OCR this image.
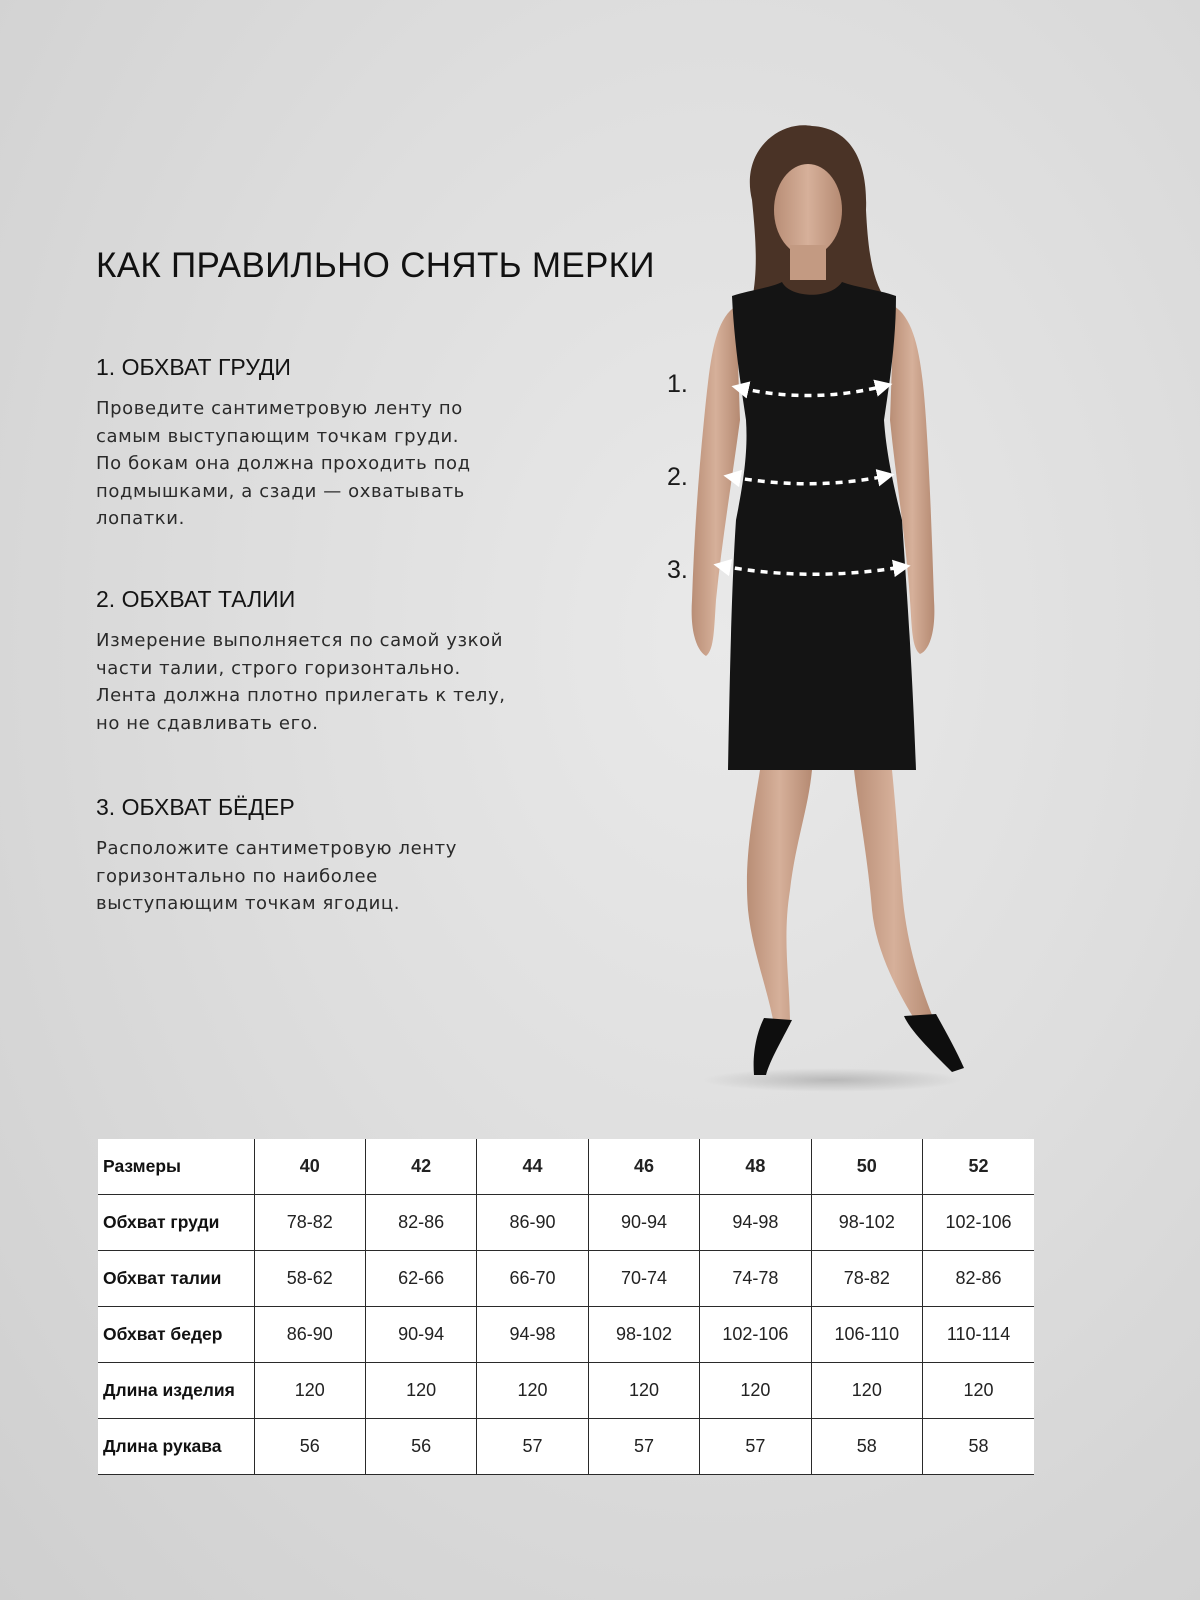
КАК ПРАВИЛЬНО СНЯТЬ МЕРКИ
1. ОБХВАТ ГРУДИ

Проведите сантиметровую ленту по
самым выступающим точкам груди.
По бокам она должна проходить под
подмышками, а сзади — охватывать
лопатки.

2. ОБХВАТ ТАЛИИ

Измерение выполняется по самой узкой
части талии, строго горизонтально.
Лента должна плотно прилегать к телу,
но не сдавливать его.

3. ОБХВАТ БЁДЕР

Расположите сантиметровую ленту
горизонтально по наиболее
выступающим точкам ягодиц.

1.
2.
3.
Размеры	40	42	44	46	48	50	52
Обхват груди	78-82	82-86	86-90	90-94	94-98	98-102	102-106
Обхват талии	58-62	62-66	66-70	70-74	74-78	78-82	82-86
Обхват бедер	86-90	90-94	94-98	98-102	102-106	106-110	110-114
Длина изделия	120	120	120	120	120	120	120
Длина рукава	56	56	57	57	57	58	58
